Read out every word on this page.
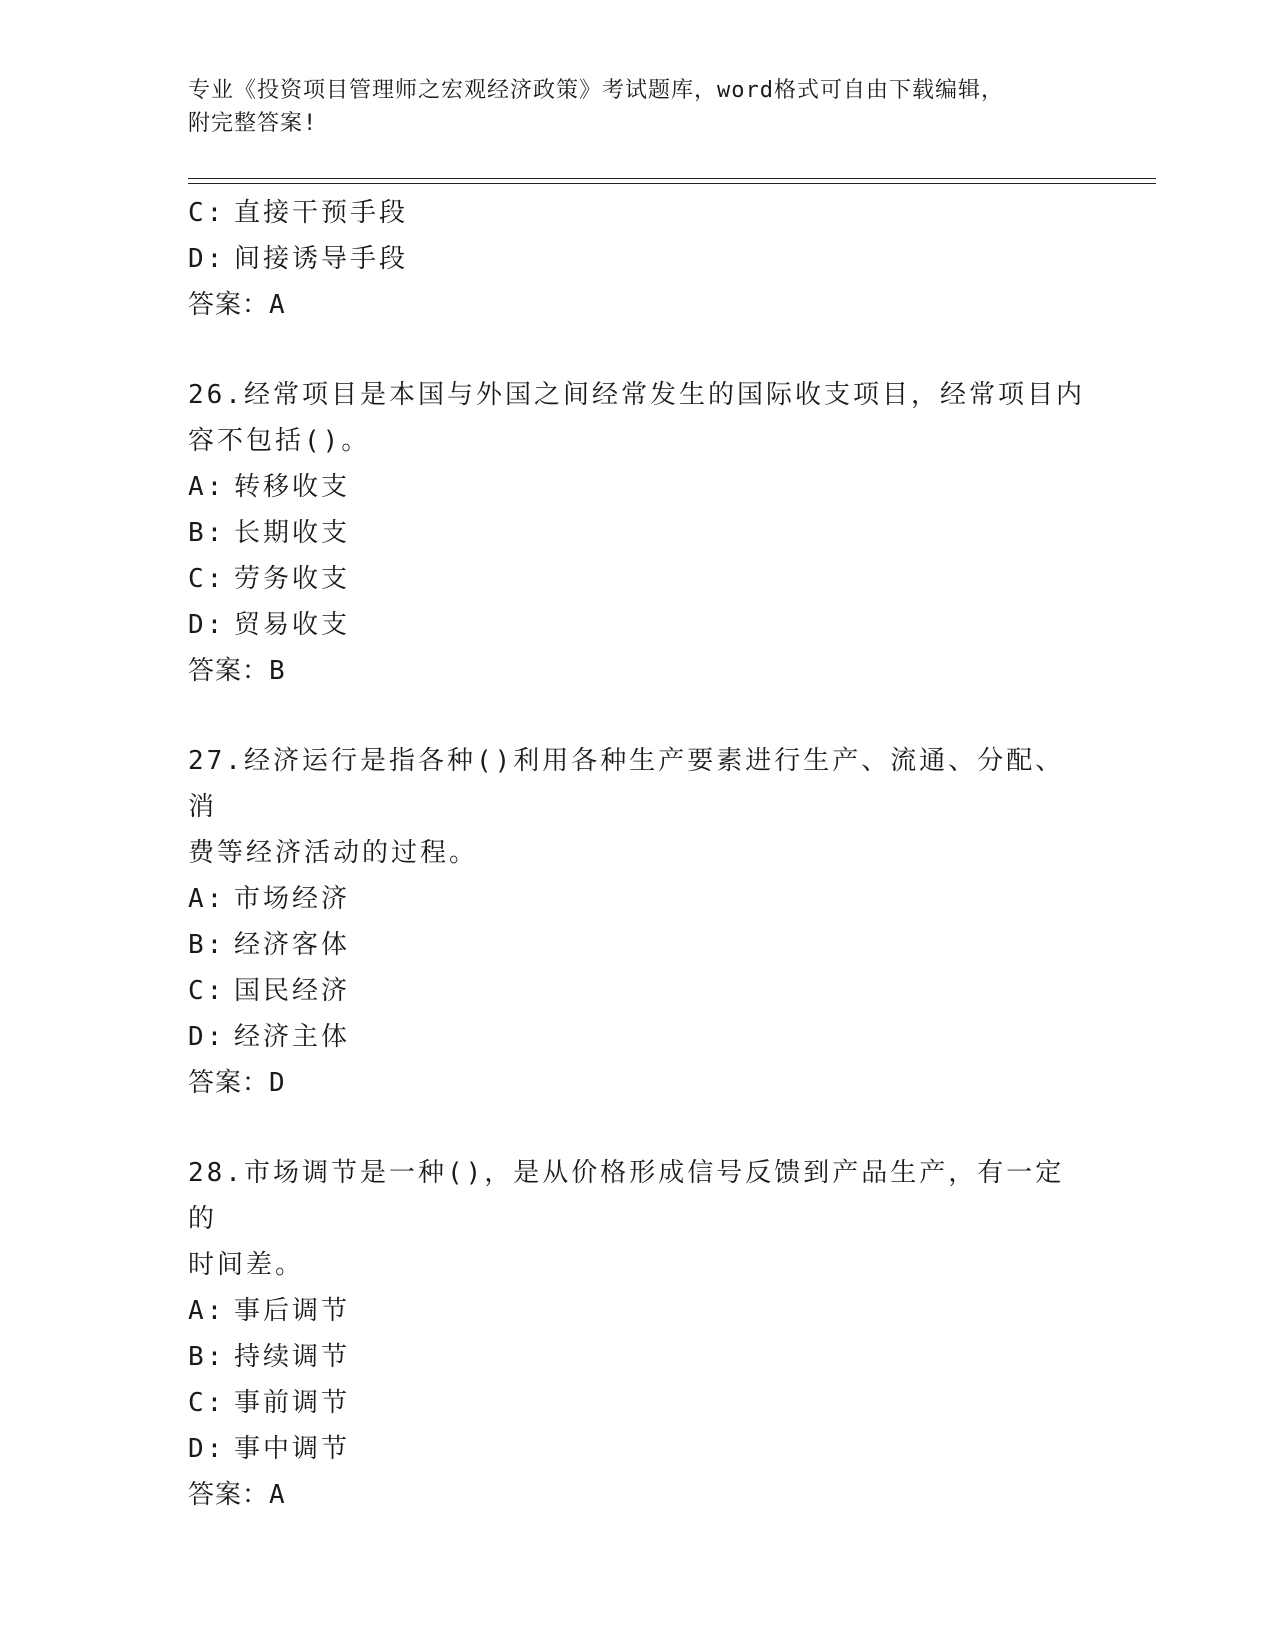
专业《投资项目管理师之宏观经济政策》考试题库，word格式可自由下载编辑，
附完整答案!
C: 直接干预手段
D: 间接诱导手段
答案：A
26.经常项目是本国与外国之间经常发生的国际收支项目，经常项目内
容不包括()。
A: 转移收支
B: 长期收支
C: 劳务收支
D: 贸易收支
答案：B
27.经济运行是指各种()利用各种生产要素进行生产、流通、分配、消
费等经济活动的过程。
A: 市场经济
B: 经济客体
C: 国民经济
D: 经济主体
答案：D
28.市场调节是一种()，是从价格形成信号反馈到产品生产，有一定的
时间差。
A: 事后调节
B: 持续调节
C: 事前调节
D: 事中调节
答案：A
